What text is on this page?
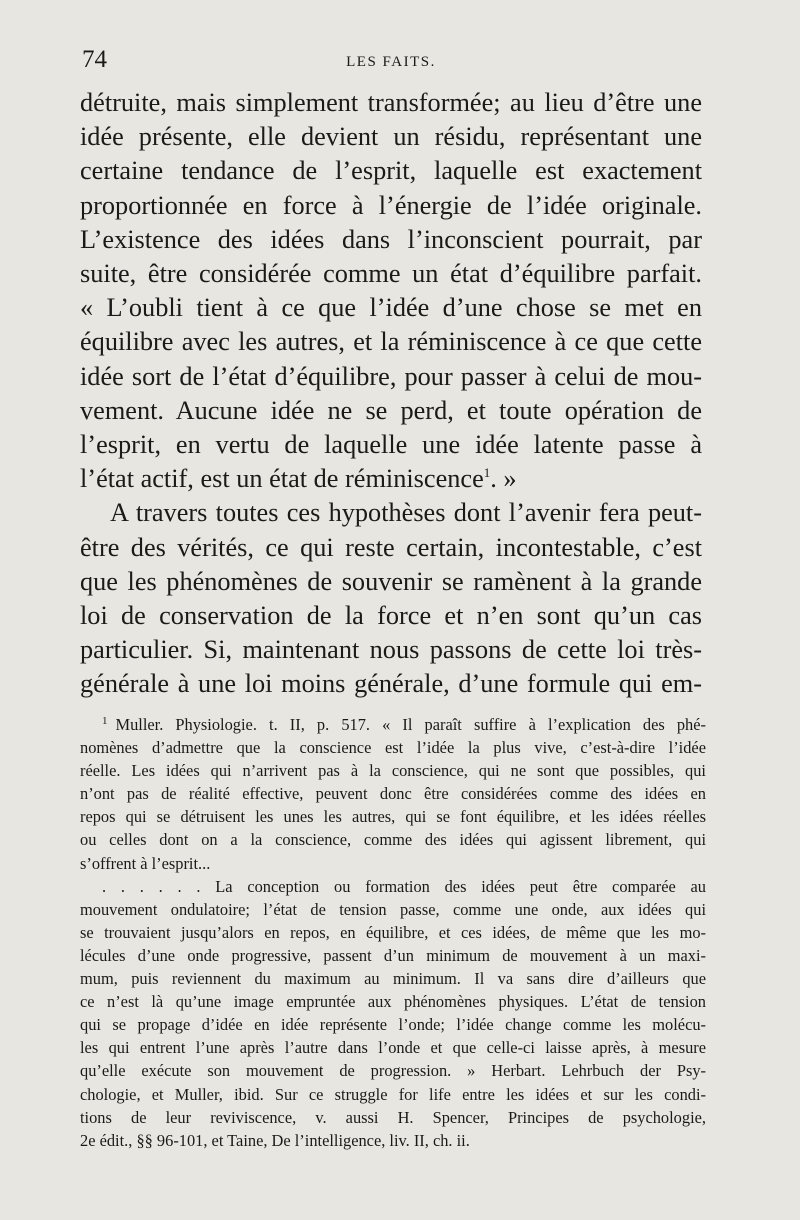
74	LES FAITS.

détruite, mais simplement transformée; au lieu d’être une
idée présente, elle devient un résidu, représentant une
certaine tendance de l’esprit, laquelle est exactement
proportionnée en force à l’énergie de l’idée originale.
L’existence des idées dans l’inconscient pourrait, par
suite, être considérée comme un état d’équilibre parfait.
« L’oubli tient à ce que l’idée d’une chose se met en
équilibre avec les autres, et la réminiscence à ce que cette
idée sort de l’état d’équilibre, pour passer à celui de mou-
vement. Aucune idée ne se perd, et toute opération de
l’esprit, en vertu de laquelle une idée latente passe à
l’état actif, est un état de réminiscence$^1$. »

A travers toutes ces hypothèses dont l’avenir fera peut-
être des vérités, ce qui reste certain, incontestable, c’est
que les phénomènes de souvenir se ramènent à la grande
loi de conservation de la force et n’en sont qu’un cas
particulier. Si, maintenant nous passons de cette loi très-
générale à une loi moins générale, d’une formule qui em-

$^1$ Muller. Physiologie. t. II, p. 517. « Il paraît suffire à l’explication des phé-
nomènes d’admettre que la conscience est l’idée la plus vive, c’est-à-dire l’idée
réelle. Les idées qui n’arrivent pas à la conscience, qui ne sont que possibles, qui
n’ont pas de réalité effective, peuvent donc être considérées comme des idées en
repos qui se détruisent les unes les autres, qui se font équilibre, et les idées réelles
ou celles dont on a la conscience, comme des idées qui agissent librement, qui
s’offrent à l’esprit...
. . . . . . La conception ou formation des idées peut être comparée au
mouvement ondulatoire; l’état de tension passe, comme une onde, aux idées qui
se trouvaient jusqu’alors en repos, en équilibre, et ces idées, de même que les mo-
lécules d’une onde progressive, passent d’un minimum de mouvement à un maxi-
mum, puis reviennent du maximum au minimum. Il va sans dire d’ailleurs que
ce n’est là qu’une image empruntée aux phénomènes physiques. L’état de tension
qui se propage d’idée en idée représente l’onde; l’idée change comme les molécu-
les qui entrent l’une après l’autre dans l’onde et que celle-ci laisse après, à mesure
qu’elle exécute son mouvement de progression. » Herbart. Lehrbuch der Psy-
chologie, et Muller, ibid. Sur ce struggle for life entre les idées et sur les condi-
tions de leur reviviscence, v. aussi H. Spencer, Principes de psychologie,
2e édit., §§ 96-101, et Taine, De l’intelligence, liv. II, ch. ii.
